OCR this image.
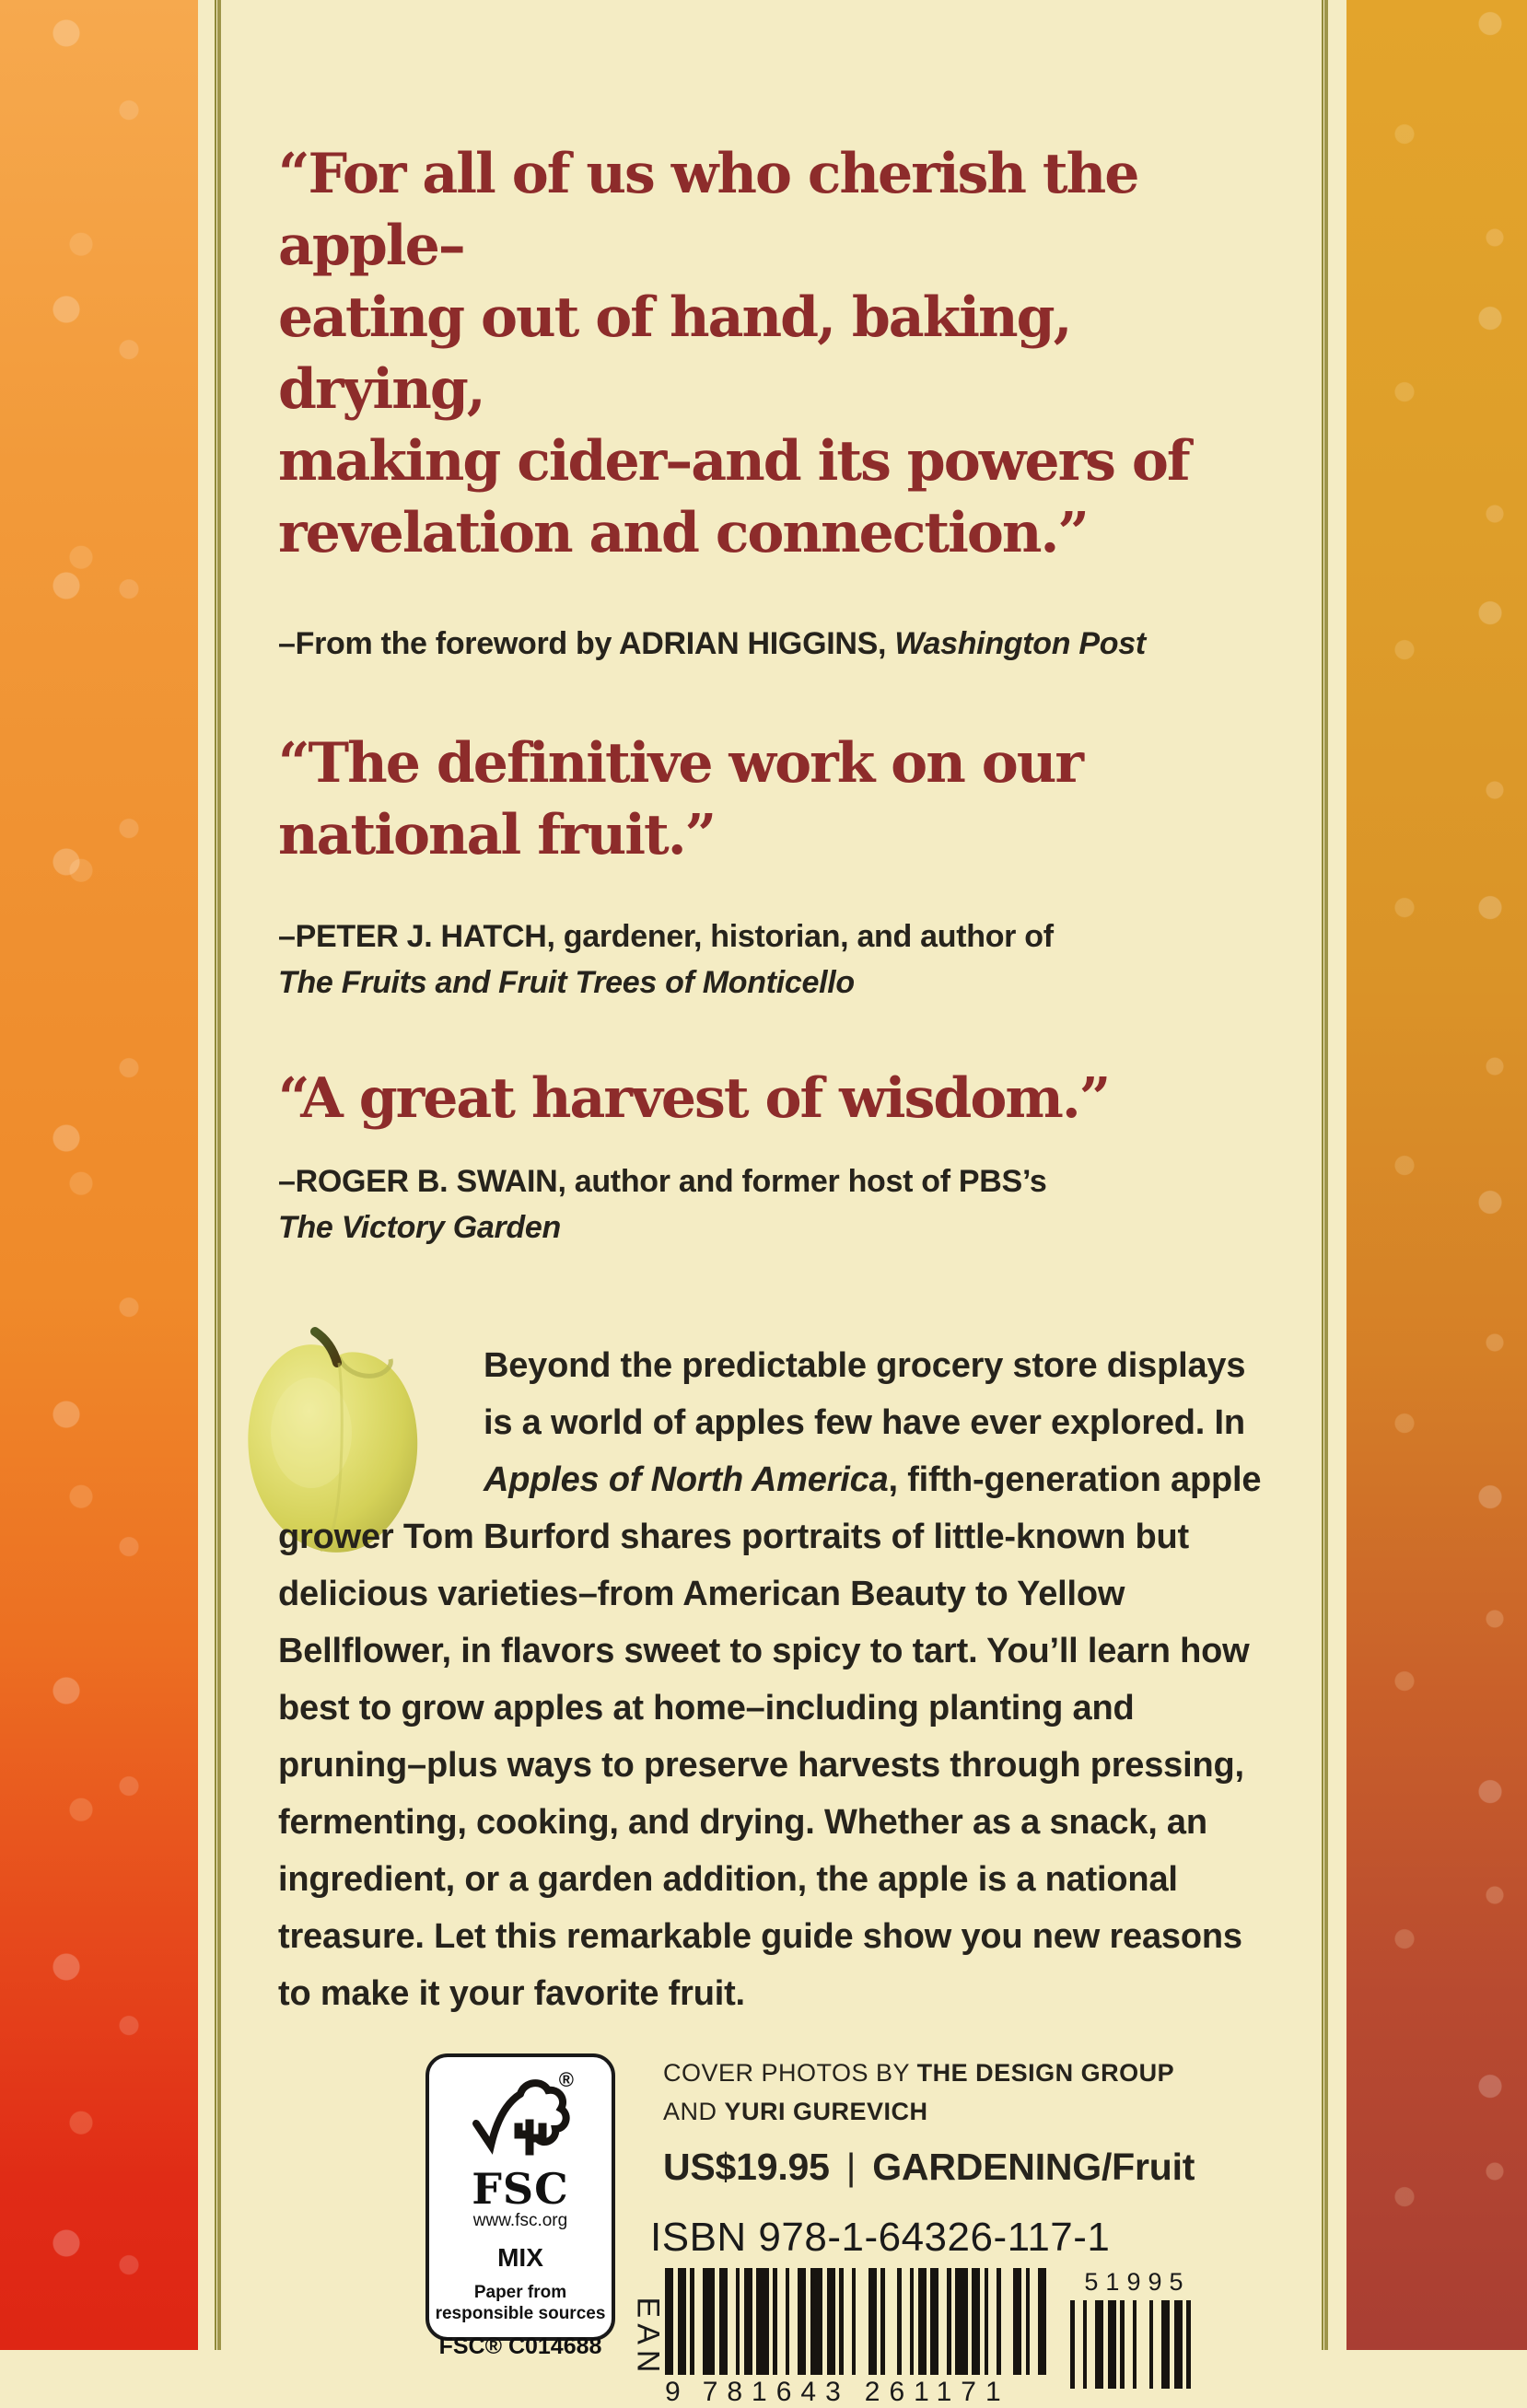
“For all of us who cherish the apple–
eating out of hand, baking, drying,
making cider–and its powers of
revelation and connection.”
–From the foreword by ADRIAN HIGGINS, Washington Post
“The definitive work on our
national fruit.”
–PETER J. HATCH, gardener, historian, and author of
The Fruits and Fruit Trees of Monticello
“A great harvest of wisdom.”
–ROGER B. SWAIN, author and former host of PBS’s
The Victory Garden
Beyond the predictable grocery store displays is a world of apples few have ever explored. In Apples of North America, fifth-generation apple grower Tom Burford shares portraits of little-known but delicious varieties–from American Beauty to Yellow Bellflower, in flavors sweet to spicy to tart. You’ll learn how best to grow apples at home–including planting and pruning–plus ways to preserve harvests through pressing, fermenting, cooking, and drying. Whether as a snack, an ingredient, or a garden addition, the apple is a national treasure. Let this remarkable guide show you new reasons to make it your favorite fruit.
®
FSC
www.fsc.org
MIX
Paper from
responsible sources
FSC® C014688
COVER PHOTOS BY THE DESIGN GROUP
AND YURI GUREVICH
US$19.95 | GARDENING/Fruit
ISBN 978-1-64326-117-1
EAN
9 781643 261171
51995
